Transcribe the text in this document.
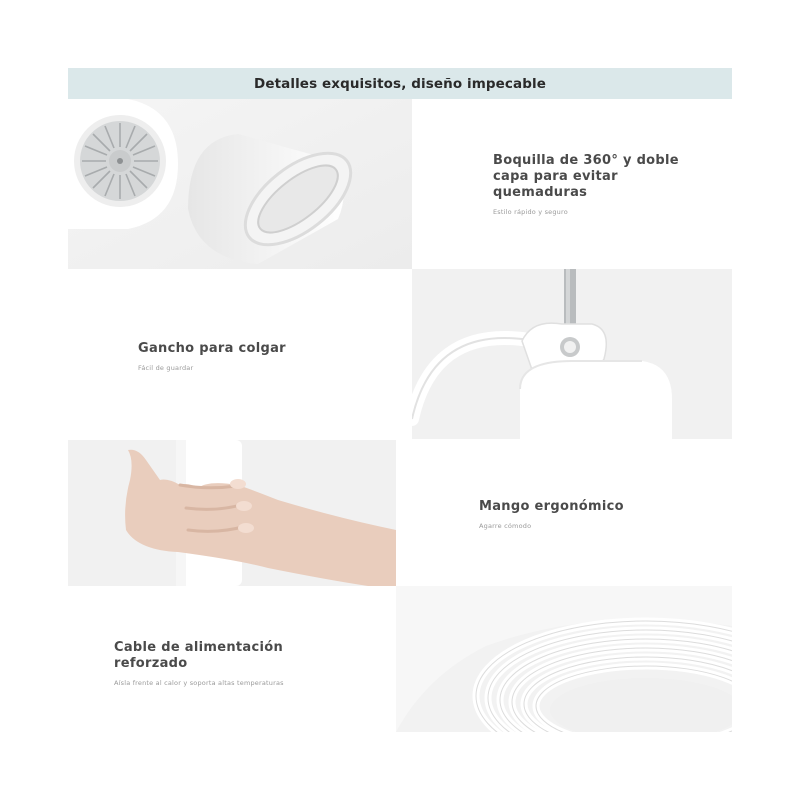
Detalles exquisitos, diseño impecable
Boquilla de 360° y doble capa para evitar quemaduras
Estilo rápido y seguro
Gancho para colgar
Fácil de guardar
Mango ergonómico
Agarre cómodo
Cable de alimentación reforzado
Aísla frente al calor y soporta altas temperaturas
